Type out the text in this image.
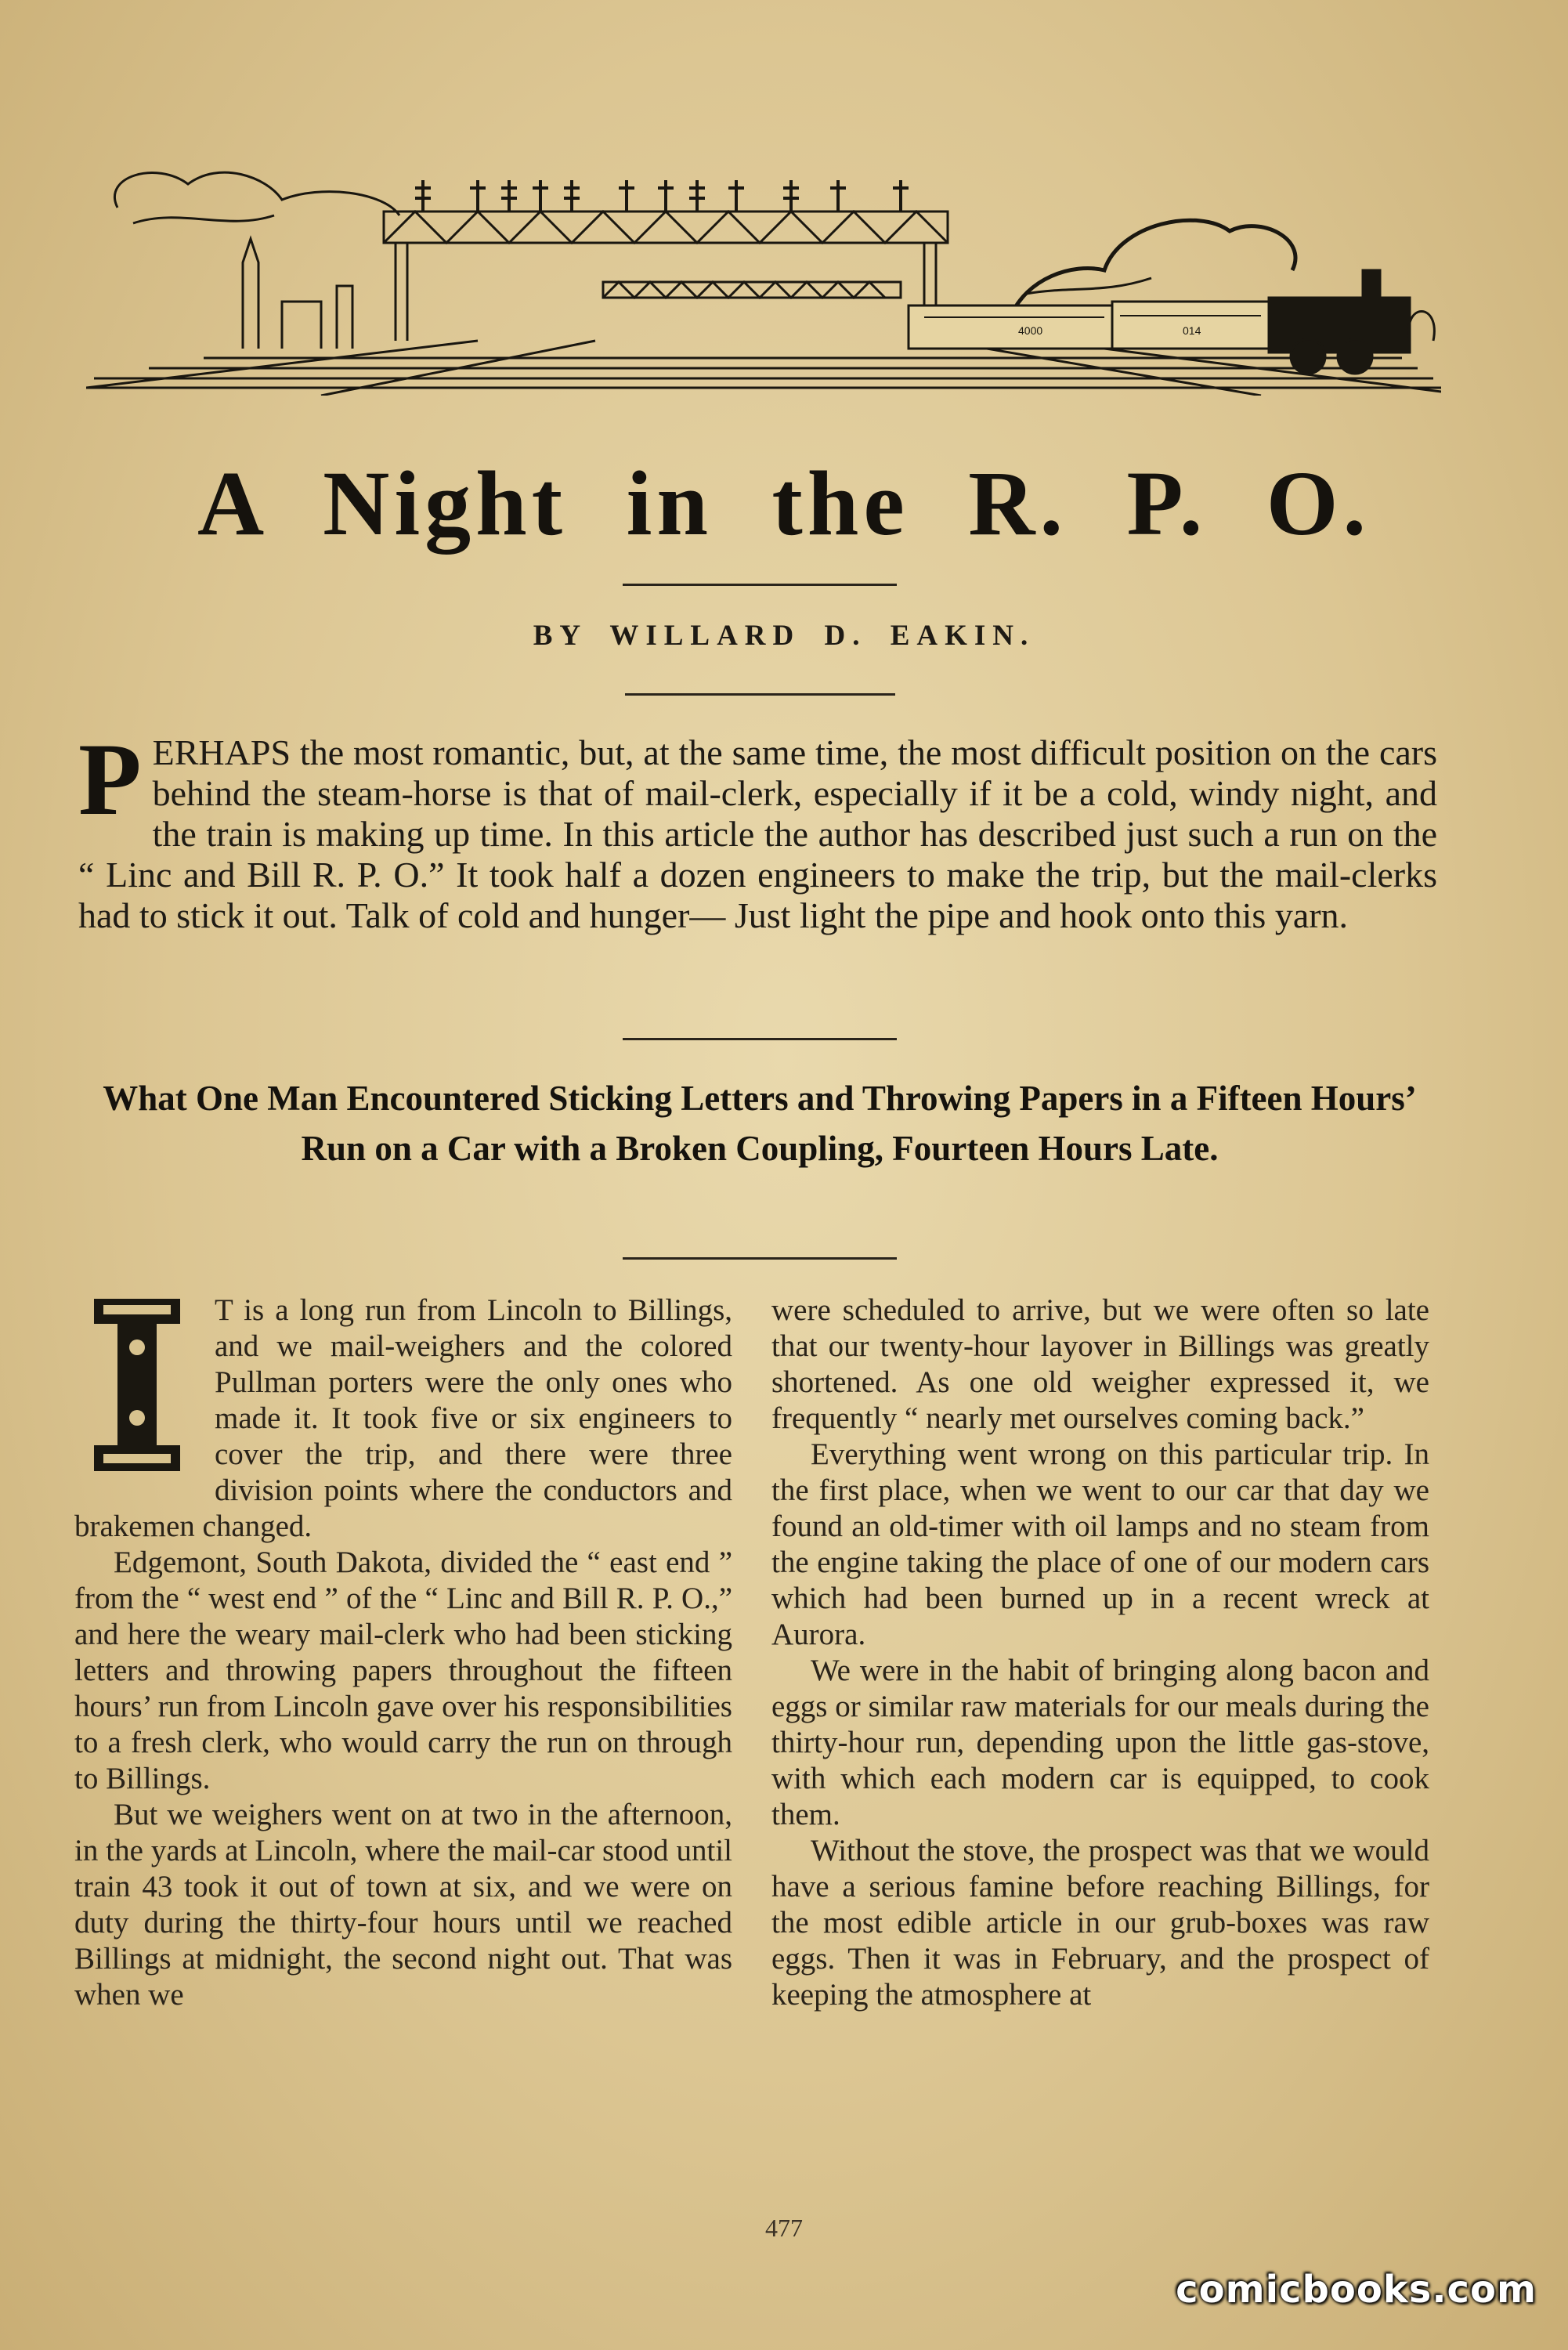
4000	014
A Night in the R. P. O.
BY WILLARD D. EAKIN.

PERHAPS the most romantic, but, at the same time, the most difficult position on the cars behind the steam-horse is that of mail-clerk, especially if it be a cold, windy night, and the train is making up time. In this article the author has described just such a run on the “ Linc and Bill R. P. O.” It took half a dozen engineers to make the trip, but the mail-clerks had to stick it out. Talk of cold and hunger— Just light the pipe and hook onto this yarn.

What One Man Encountered Sticking Letters and Throwing Papers in a Fifteen Hours’ Run on a Car with a Broken Coupling, Fourteen Hours Late.

I

T is a long run from Lincoln to Billings, and we mail-weighers and the colored Pullman porters were the only ones who made it. It took five or six engineers to cover the trip, and there were three division points where the conductors and brakemen changed.

Edgemont, South Dakota, divided the “ east end ” from the “ west end ” of the “ Linc and Bill R. P. O.,” and here the weary mail-clerk who had been sticking letters and throwing papers throughout the fifteen hours’ run from Lincoln gave over his responsibilities to a fresh clerk, who would carry the run on through to Billings.

But we weighers went on at two in the afternoon, in the yards at Lincoln, where the mail-car stood until train 43 took it out of town at six, and we were on duty during the thirty-four hours until we reached Billings at midnight, the second night out. That was when we

were scheduled to arrive, but we were often so late that our twenty-hour layover in Billings was greatly shortened. As one old weigher expressed it, we frequently “ nearly met ourselves coming back.”

Everything went wrong on this particular trip. In the first place, when we went to our car that day we found an old-timer with oil lamps and no steam from the engine taking the place of one of our modern cars which had been burned up in a recent wreck at Aurora.

We were in the habit of bringing along bacon and eggs or similar raw materials for our meals during the thirty-hour run, depending upon the little gas-stove, with which each modern car is equipped, to cook them.

Without the stove, the prospect was that we would have a serious famine before reaching Billings, for the most edible article in our grub-boxes was raw eggs. Then it was in February, and the prospect of keeping the atmosphere at

477
comicbooks.com
